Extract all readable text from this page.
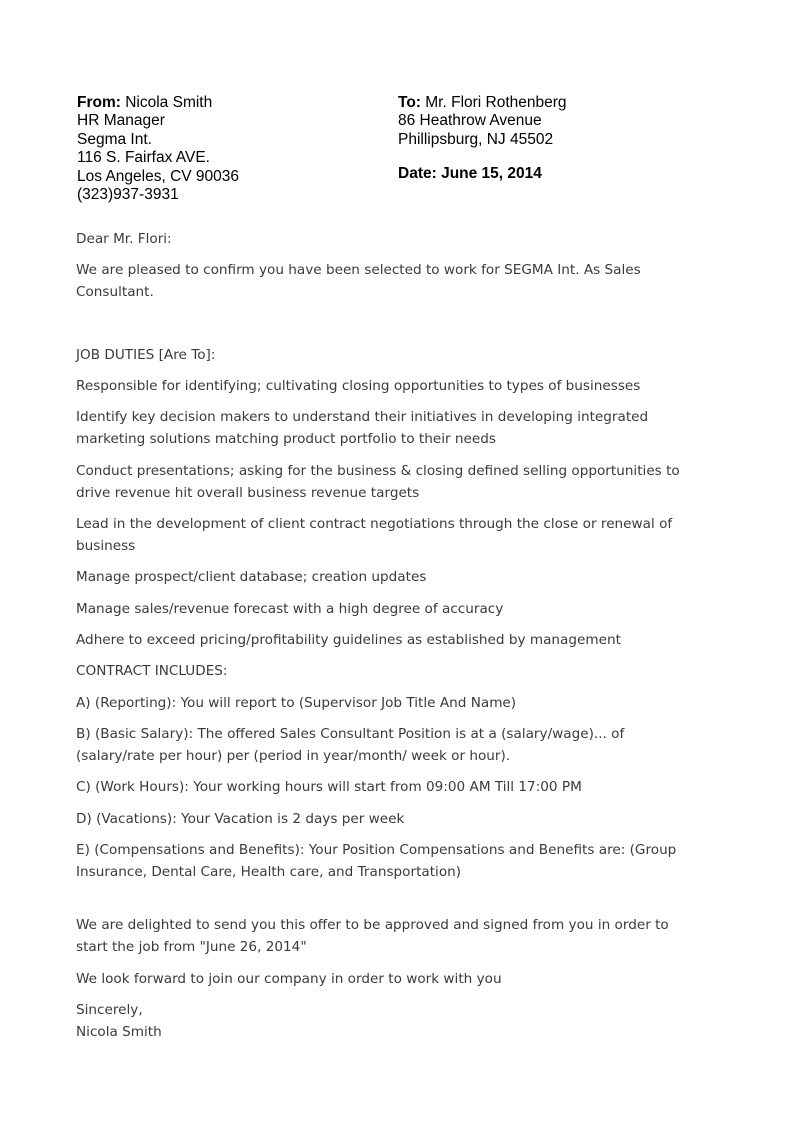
From: Nicola Smith
HR Manager
Segma Int.
116 S. Fairfax AVE.
Los Angeles, CV 90036
(323)937-3931
To: Mr. Flori Rothenberg
86 Heathrow Avenue
Phillipsburg, NJ 45502
Date: June 15, 2014
Dear Mr. Flori:
We are pleased to confirm you have been selected to work for SEGMA Int. As Sales
Consultant.
JOB DUTIES [Are To]:
Responsible for identifying; cultivating closing opportunities to types of businesses
Identify key decision makers to understand their initiatives in developing integrated
marketing solutions matching product portfolio to their needs
Conduct presentations; asking for the business & closing defined selling opportunities to
drive revenue hit overall business revenue targets
Lead in the development of client contract negotiations through the close or renewal of
business
Manage prospect/client database; creation updates
Manage sales/revenue forecast with a high degree of accuracy
Adhere to exceed pricing/profitability guidelines as established by management
CONTRACT INCLUDES:
A) (Reporting): You will report to (Supervisor Job Title And Name)
B) (Basic Salary): The offered Sales Consultant Position is at a (salary/wage)... of
(salary/rate per hour) per (period in year/month/ week or hour).
C) (Work Hours): Your working hours will start from 09:00 AM Till 17:00 PM
D) (Vacations): Your Vacation is 2 days per week
E) (Compensations and Benefits): Your Position Compensations and Benefits are: (Group
Insurance, Dental Care, Health care, and Transportation)
We are delighted to send you this offer to be approved and signed from you in order to
start the job from "June 26, 2014"
We look forward to join our company in order to work with you
Sincerely,
Nicola Smith
